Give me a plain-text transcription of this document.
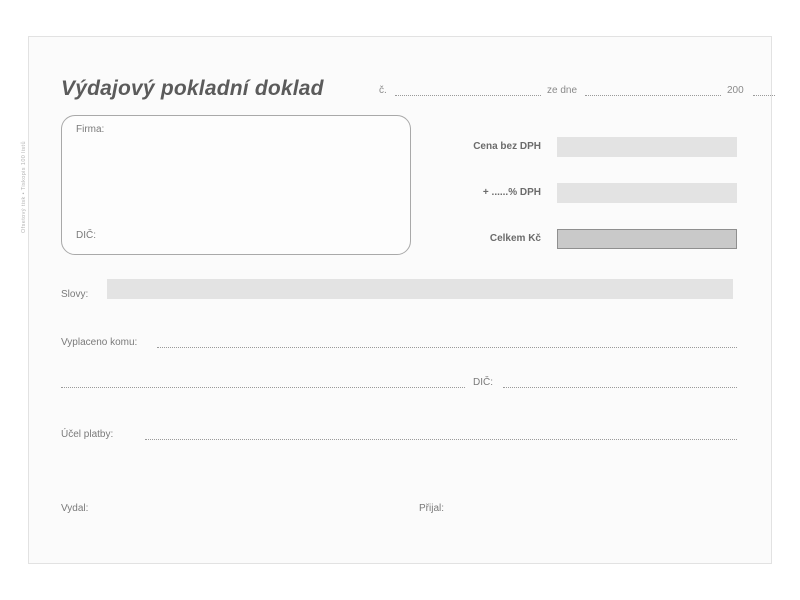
Výdajový pokladní doklad	č.	ze dne	200
Ofsetový tisk • Tiskopis 100 listů
Firma:
DIČ:
Cena bez DPH
+ ......% DPH
Celkem Kč
Slovy:
Vyplaceno komu:
DIČ:
Účel platby:
Vydal:	Přijal:
